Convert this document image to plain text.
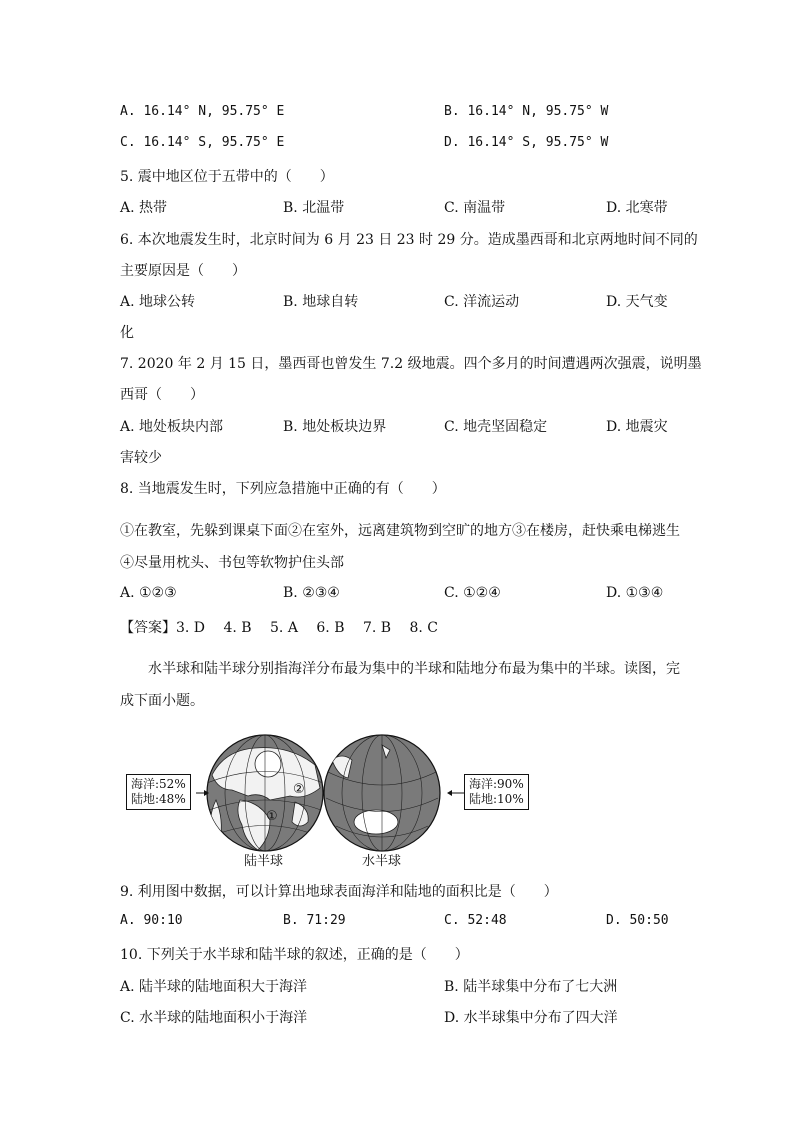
A. 16.14° N, 95.75° E	B. 16.14° N, 95.75° W
C. 16.14° S, 95.75° E	D. 16.14° S, 95.75° W
5. 震中地区位于五带中的（　　）
A. 热带	B. 北温带	C. 南温带	D. 北寒带
6. 本次地震发生时，北京时间为 6 月 23 日 23 时 29 分。造成墨西哥和北京两地时间不同的
主要原因是（　　）
A. 地球公转	B. 地球自转	C. 洋流运动	D. 天气变
化
7. 2020 年 2 月 15 日，墨西哥也曾发生 7.2 级地震。四个多月的时间遭遇两次强震，说明墨
西哥（　　）
A. 地处板块内部	B. 地处板块边界	C. 地壳坚固稳定	D. 地震灾
害较少
8. 当地震发生时，下列应急措施中正确的有（　　）
①在教室，先躲到课桌下面②在室外，远离建筑物到空旷的地方③在楼房，赶快乘电梯逃生
④尽量用枕头、书包等软物护住头部
A. ①②③	B. ②③④	C. ①②④	D. ①③④
【答案】3. D　 4. B　 5. A　 6. B　 7. B　 8. C
水半球和陆半球分别指海洋分布最为集中的半球和陆地分布最为集中的半球。读图，完
成下面小题。
②
①
海洋:52%
陆地:48%
海洋:90%
陆地:10%
陆半球	水半球
9. 利用图中数据，可以计算出地球表面海洋和陆地的面积比是（　　）
A. 90:10	B. 71:29	C. 52:48	D. 50:50
10. 下列关于水半球和陆半球的叙述，正确的是（　　）
A. 陆半球的陆地面积大于海洋	B. 陆半球集中分布了七大洲
C. 水半球的陆地面积小于海洋	D. 水半球集中分布了四大洋
